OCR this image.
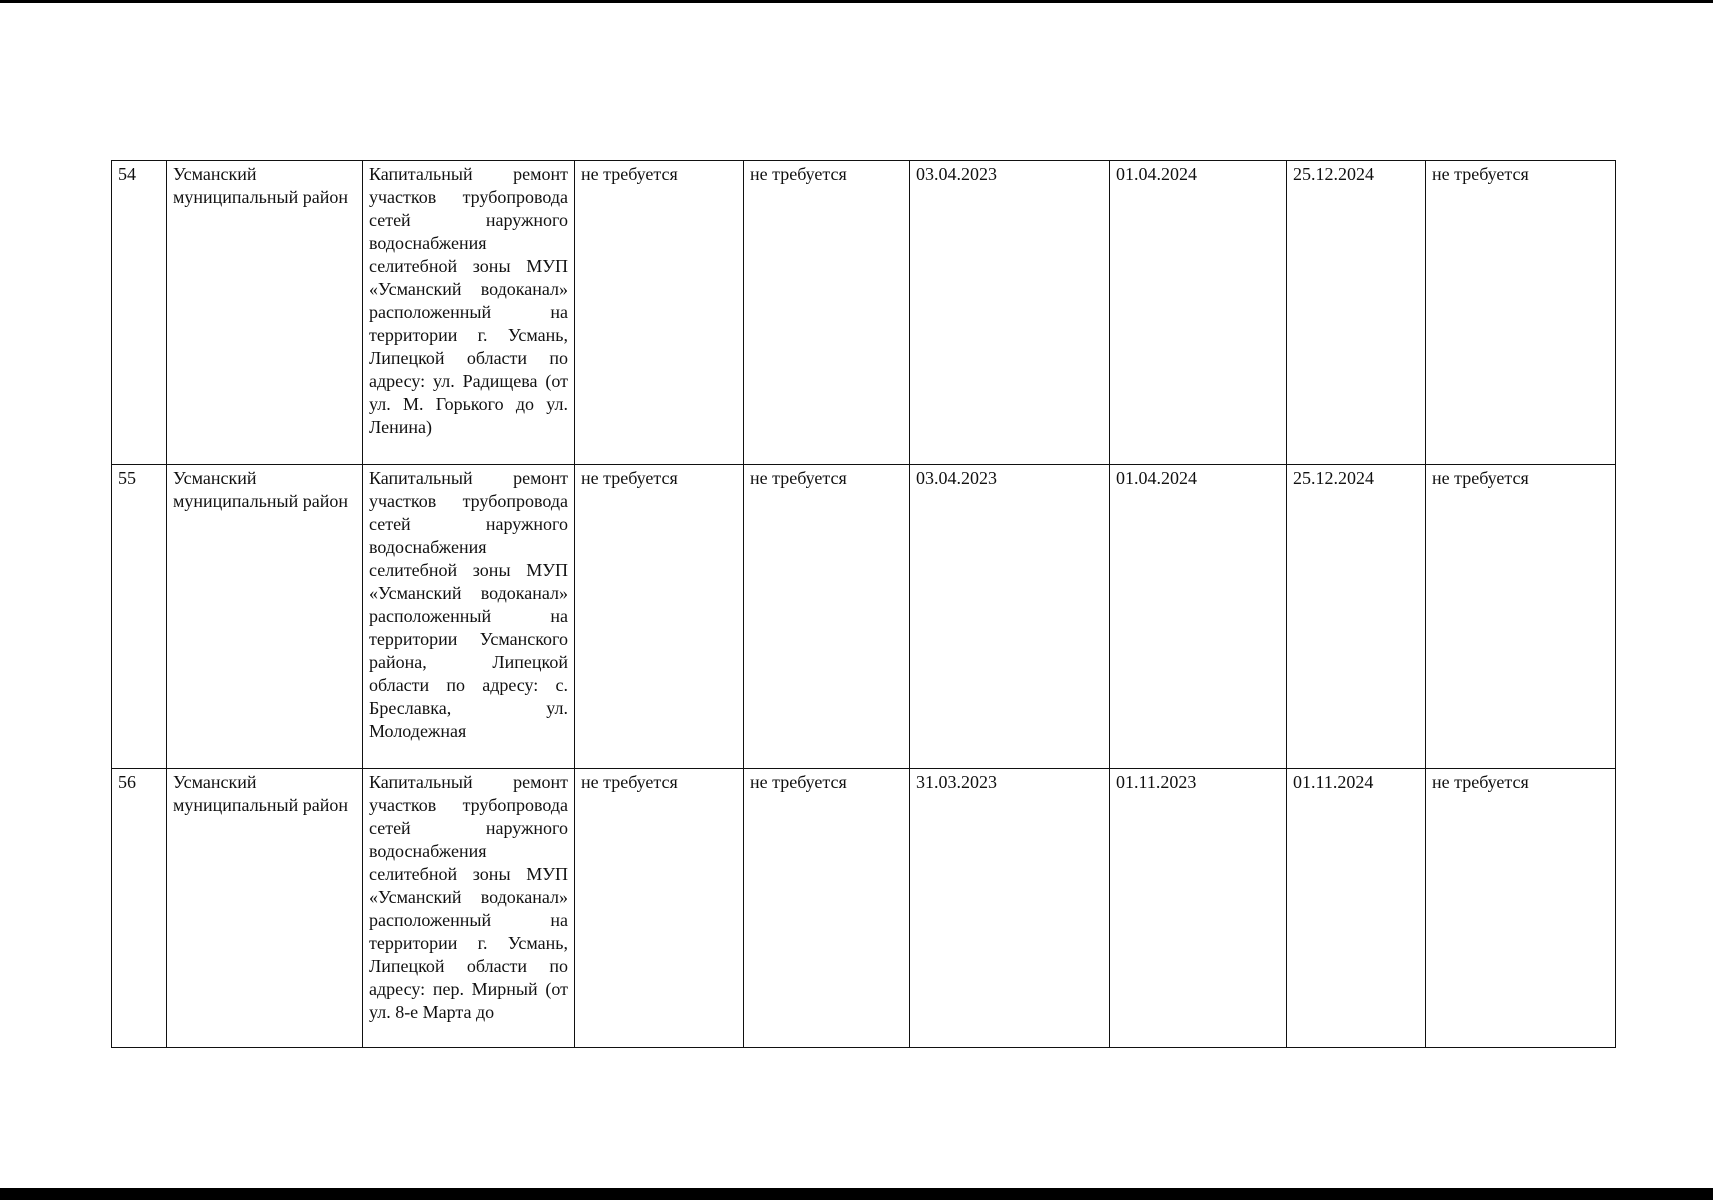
54	Усманский муниципальный район	Капитальный ремонт участков трубопровода сетей наружного водоснабжения селитебной зоны МУП «Усманский водоканал» расположенный на территории г. Усмань, Липецкой области по адресу: ул. Радищева (от ул. М. Горького до ул. Ленина)	не требуется	не требуется	03.04.2023	01.04.2024	25.12.2024	не требуется
55	Усманский муниципальный район	Капитальный ремонт участков трубопровода сетей наружного водоснабжения селитебной зоны МУП «Усманский водоканал» расположенный на территории Усманского района, Липецкой области по адресу: с. Бреславка, ул. Молодежная	не требуется	не требуется	03.04.2023	01.04.2024	25.12.2024	не требуется
56	Усманский муниципальный район	Капитальный ремонт участков трубопровода сетей наружного водоснабжения селитебной зоны МУП «Усманский водоканал» расположенный на территории г. Усмань, Липецкой области по адресу: пер. Мирный (от ул. 8-е Марта до	не требуется	не требуется	31.03.2023	01.11.2023	01.11.2024	не требуется
